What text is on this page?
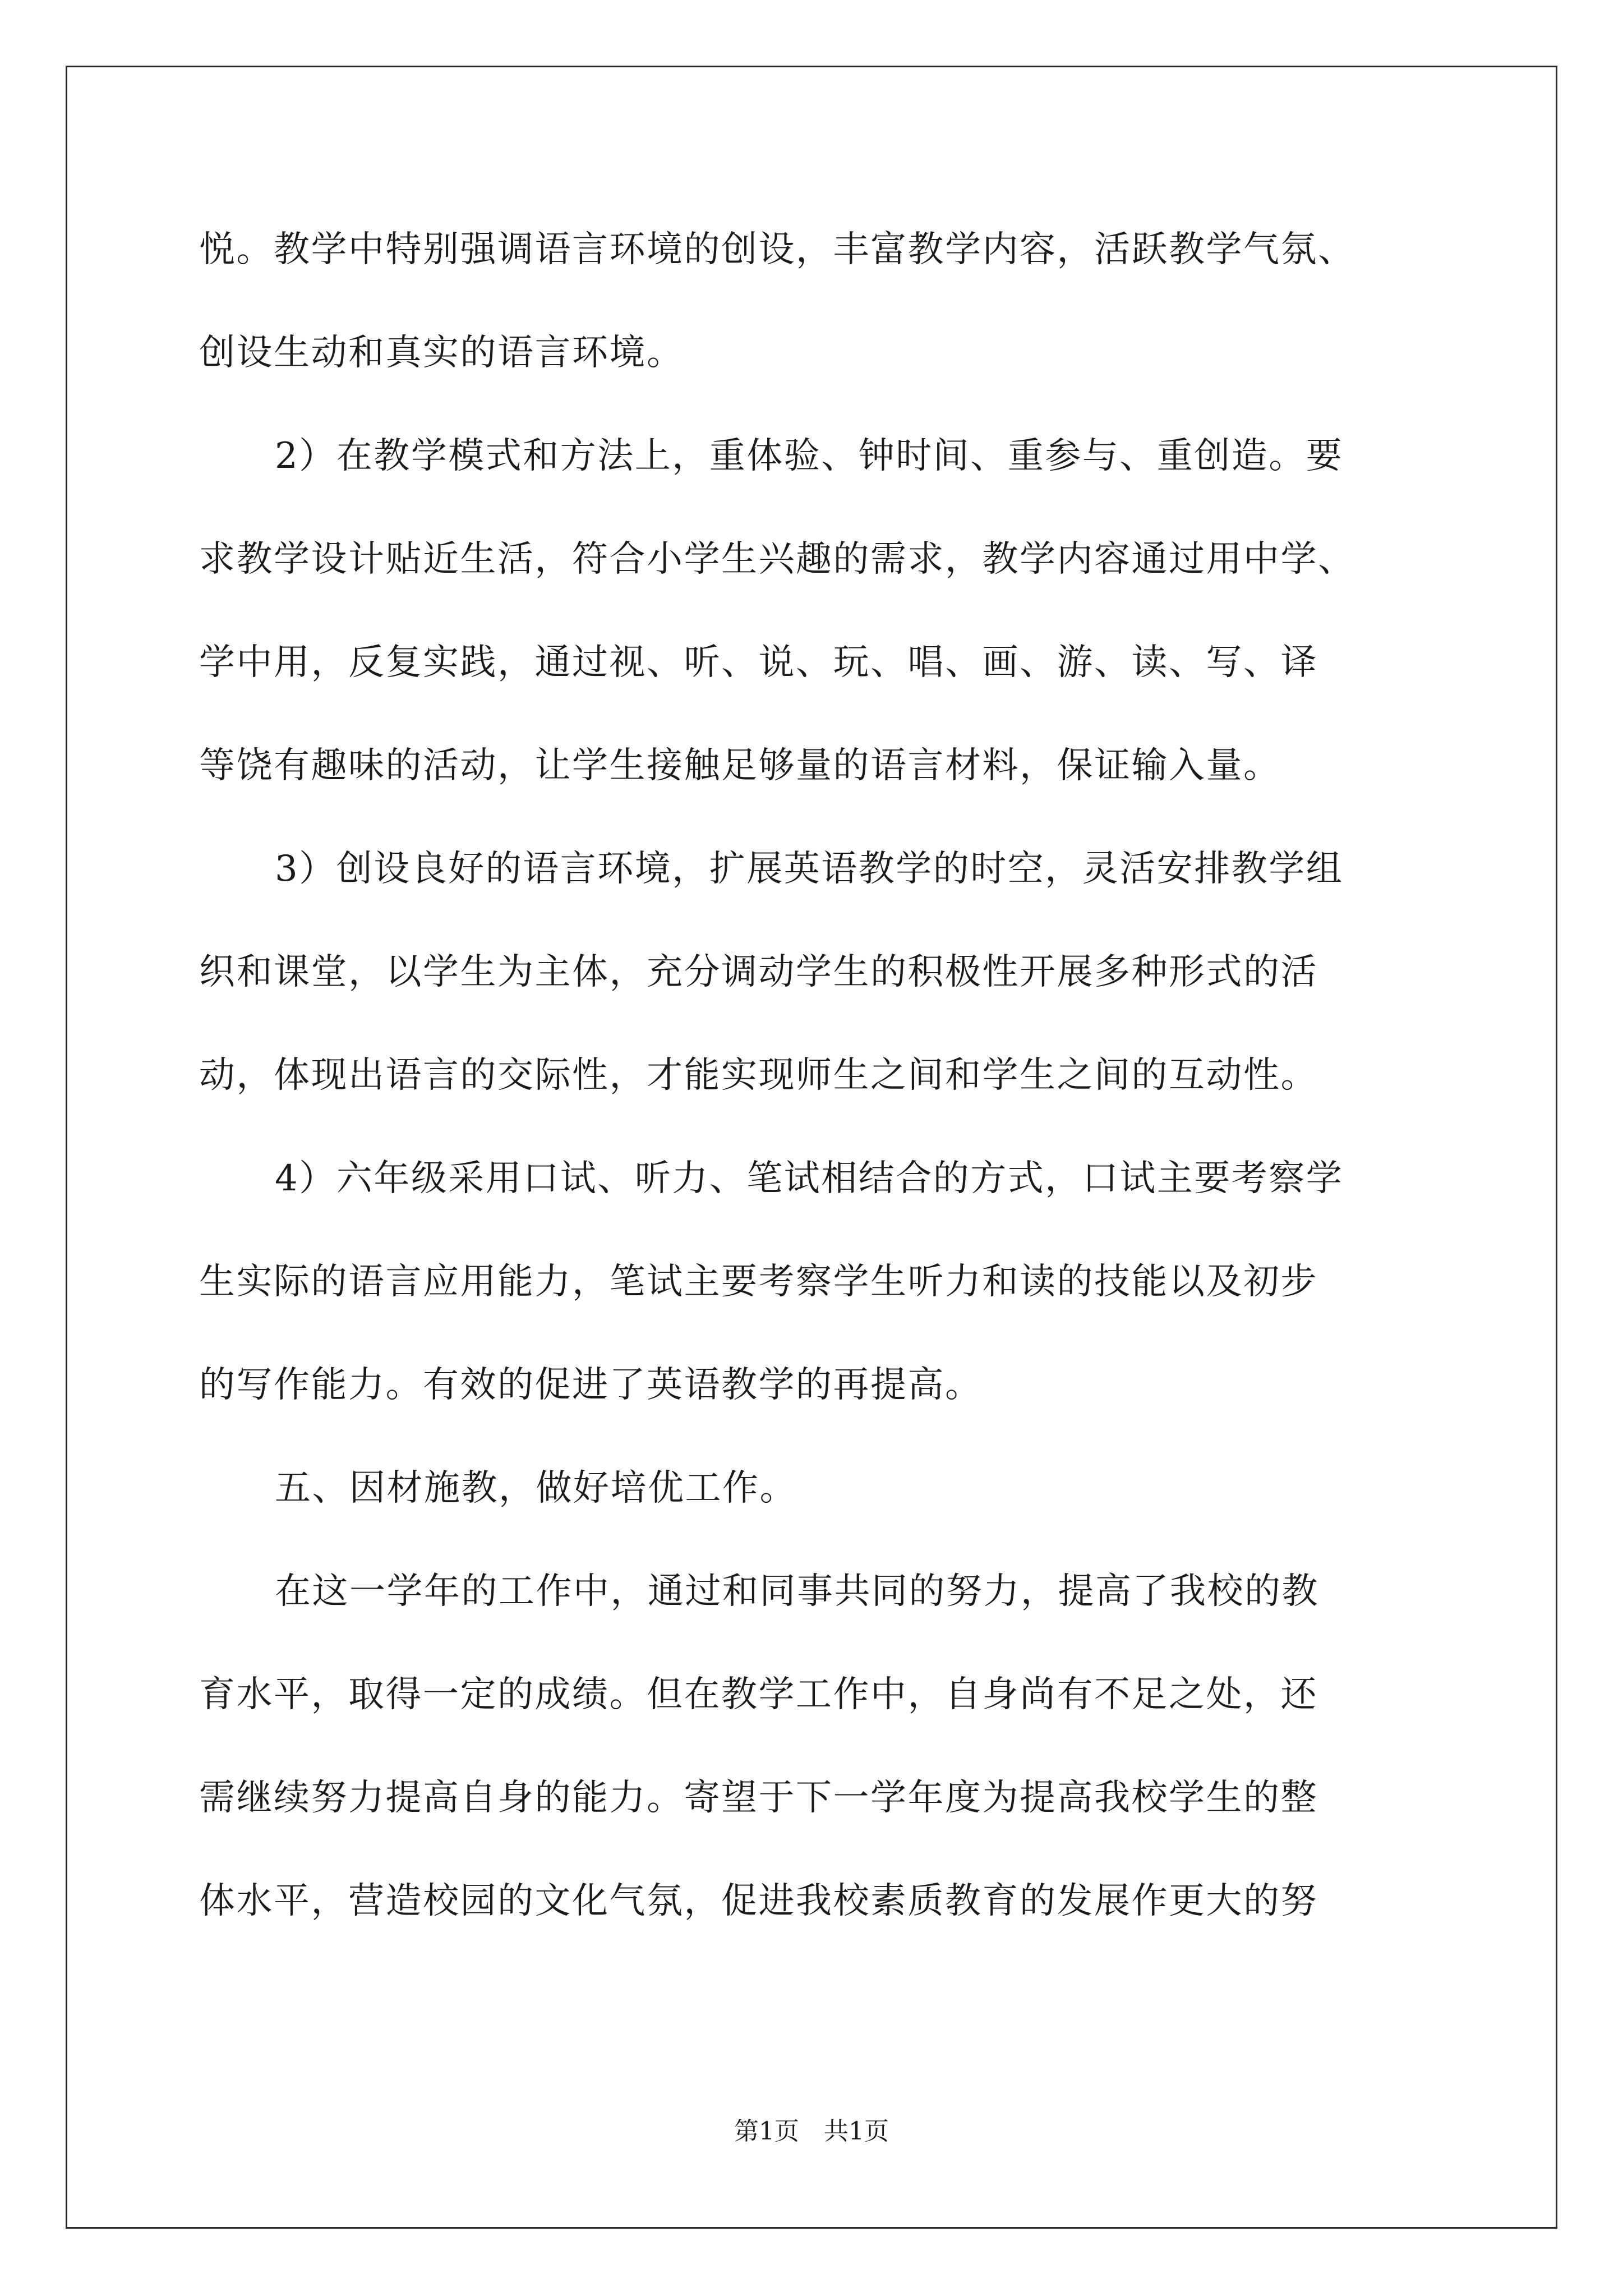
悦。教学中特别强调语言环境的创设，丰富教学内容，活跃教学气氛、
创设生动和真实的语言环境。
2）在教学模式和方法上，重体验、钟时间、重参与、重创造。要
求教学设计贴近生活，符合小学生兴趣的需求，教学内容通过用中学、
学中用，反复实践，通过视、听、说、玩、唱、画、游、读、写、译
等饶有趣味的活动，让学生接触足够量的语言材料，保证输入量。
3）创设良好的语言环境，扩展英语教学的时空，灵活安排教学组
织和课堂，以学生为主体，充分调动学生的积极性开展多种形式的活
动，体现出语言的交际性，才能实现师生之间和学生之间的互动性。
4）六年级采用口试、听力、笔试相结合的方式，口试主要考察学
生实际的语言应用能力，笔试主要考察学生听力和读的技能以及初步
的写作能力。有效的促进了英语教学的再提高。
五、因材施教，做好培优工作。
在这一学年的工作中，通过和同事共同的努力，提高了我校的教
育水平，取得一定的成绩。但在教学工作中，自身尚有不足之处，还
需继续努力提高自身的能力。寄望于下一学年度为提高我校学生的整
体水平，营造校园的文化气氛，促进我校素质教育的发展作更大的努
第1页　共1页
